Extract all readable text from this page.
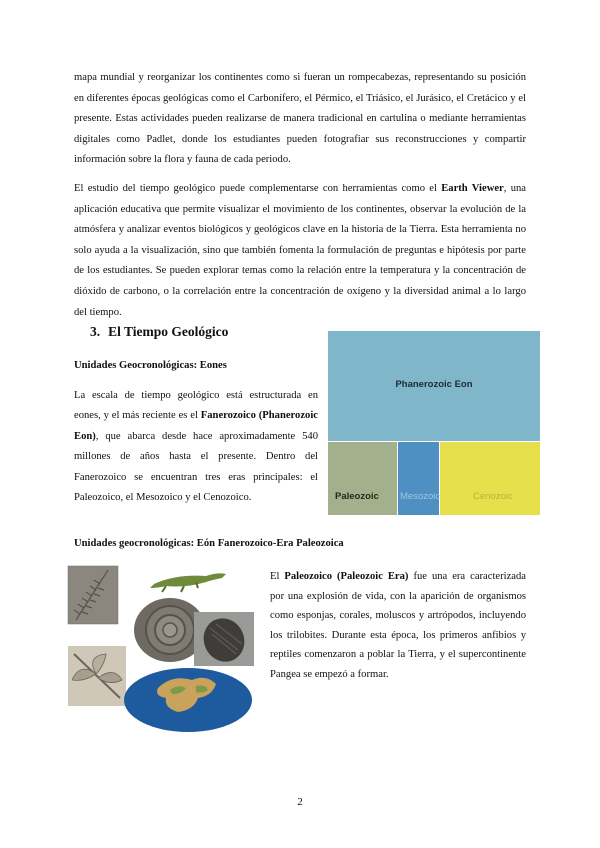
mapa mundial y reorganizar los continentes como si fueran un rompecabezas, representando su posición en diferentes épocas geológicas como el Carbonífero, el Pérmico, el Triásico, el Jurásico, el Cretácico y el presente. Estas actividades pueden realizarse de manera tradicional en cartulina o mediante herramientas digitales como Padlet, donde los estudiantes pueden fotografiar sus reconstrucciones y compartir información sobre la flora y fauna de cada periodo.

El estudio del tiempo geológico puede complementarse con herramientas como el Earth Viewer, una aplicación educativa que permite visualizar el movimiento de los continentes, observar la evolución de la atmósfera y analizar eventos biológicos y geológicos clave en la historia de la Tierra. Esta herramienta no solo ayuda a la visualización, sino que también fomenta la formulación de preguntas e hipótesis por parte de los estudiantes. Se pueden explorar temas como la relación entre la temperatura y la concentración de dióxido de carbono, o la correlación entre la concentración de oxígeno y la diversidad animal a lo largo del tiempo.

3. El Tiempo Geológico
Unidades Geocronológicas: Eones

La escala de tiempo geológico está estructurada en eones, y el más reciente es el Fanerozoico (Phanerozoic Eon), que abarca desde hace aproximadamente 540 millones de años hasta el presente. Dentro del Fanerozoico se encuentran tres eras principales: el Paleozoico, el Mesozoico y el Cenozoico.

Phanerozoic Eon
Paleozoic Mesozoic	Cenozoic
Unidades geocronológicas: Eón Fanerozoico-Era Paleozoica

El Paleozoico (Paleozoic Era) fue una era caracterizada por una explosión de vida, con la aparición de organismos como esponjas, corales, moluscos y artrópodos, incluyendo los trilobites. Durante esta época, los primeros anfibios y reptiles comenzaron a poblar la Tierra, y el supercontinente Pangea se empezó a formar.

2
